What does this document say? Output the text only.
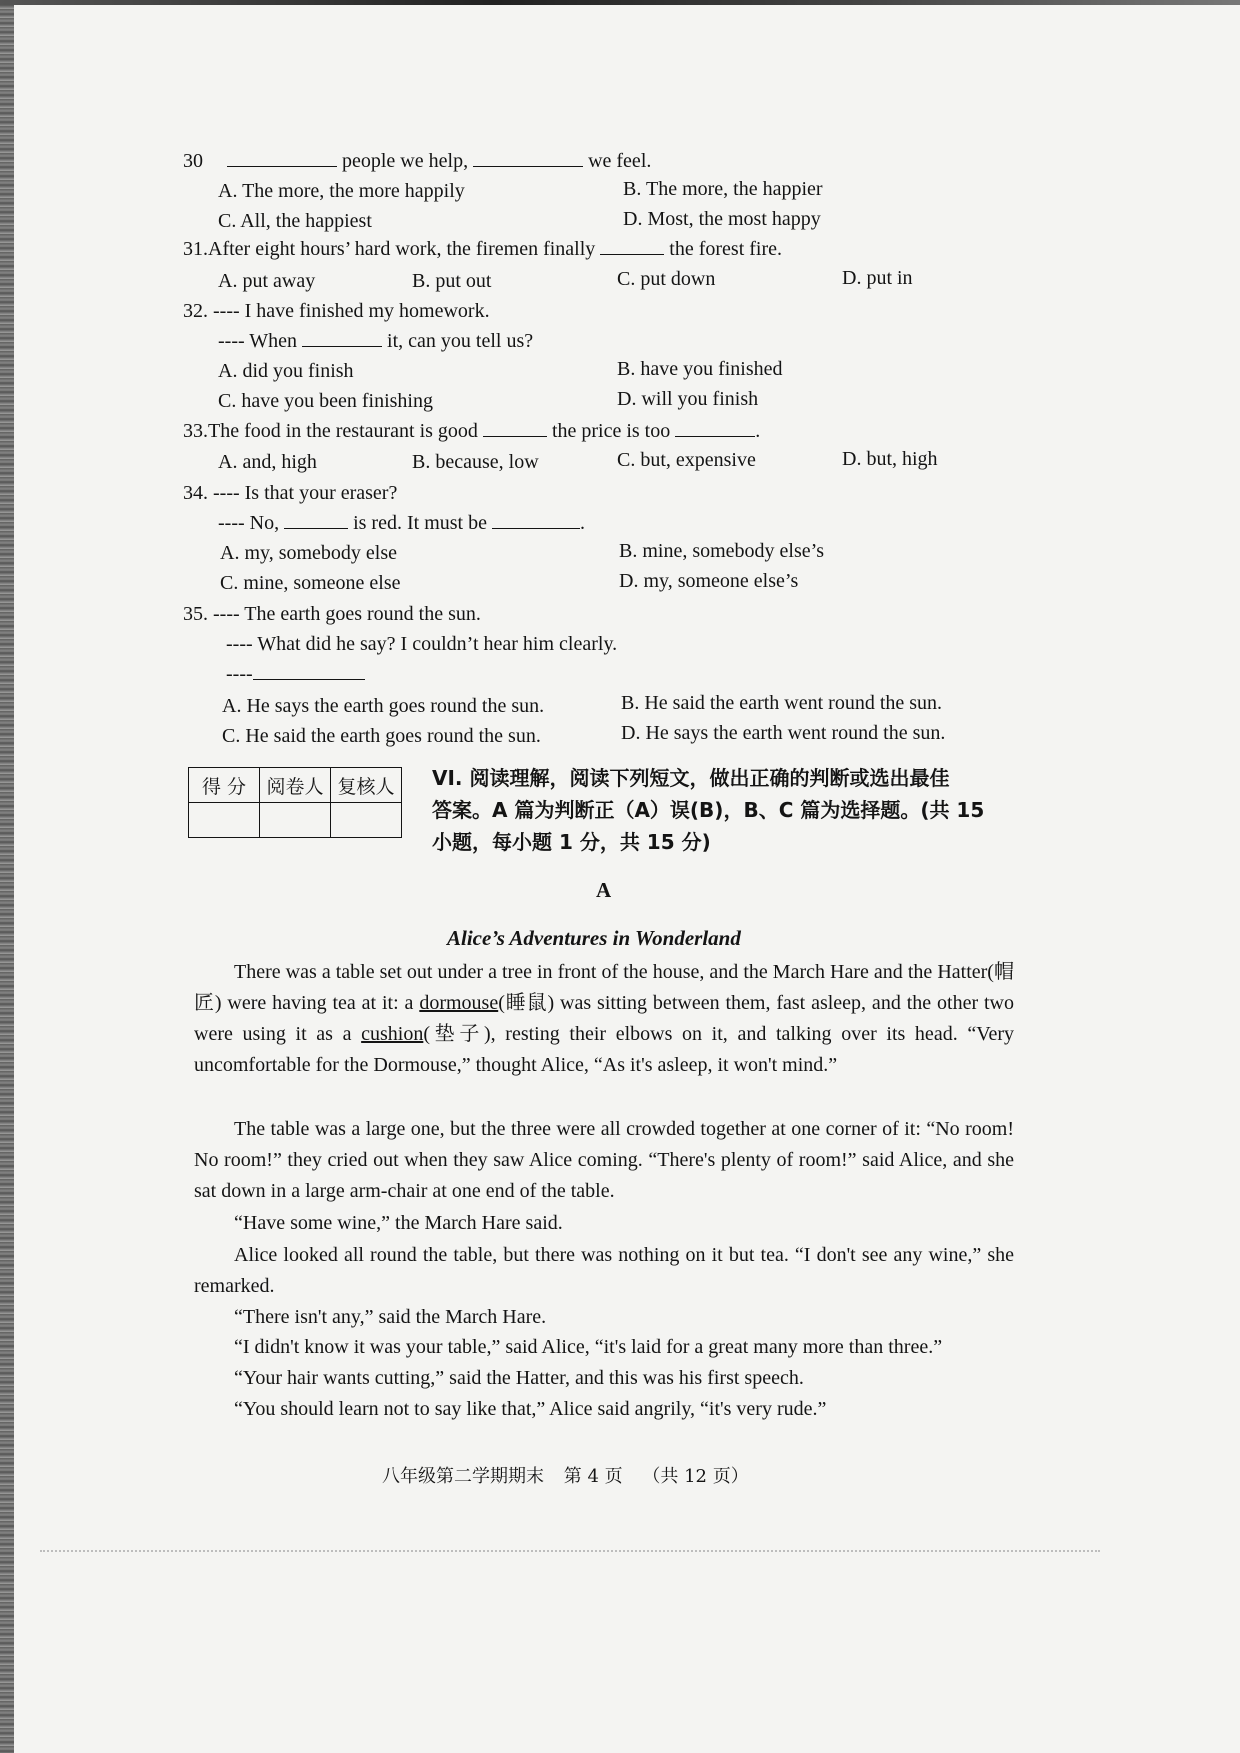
30	people we help,	we feel.
A. The more, the more happily	B. The more, the happier
C. All, the happiest	D. Most, the most happy
31.After eight hours’ hard work, the firemen finally	the forest fire.
A. put away	B. put out	C. put down	D. put in
32. ---- I have finished my homework.
---- When	it, can you tell us?
A. did you finish	B. have you finished
C. have you been finishing	D. will you finish
33.The food in the restaurant is good	the price is too	.
A. and, high	B. because, low	C. but, expensive	D. but, high
34. ---- Is that your eraser?
---- No,	is red. It must be	.
A. my, somebody else	B. mine, somebody else’s
C. mine, someone else	D. my, someone else’s
35. ---- The earth goes round the sun.
---- What did he say? I couldn’t hear him clearly.
----
A. He says the earth goes round the sun.	B. He said the earth went round the sun.
C. He said the earth goes round the sun.	D. He says the earth went round the sun.
得 分	阅卷人	复核人
		VI. 阅读理解，阅读下列短文，做出正确的判断或选出最佳
答案。A 篇为判断正（A）误(B)，B、C 篇为选择题。(共 15
小题，每小题 1 分，共 15 分)
A
Alice’s Adventures in Wonderland

There was a table set out under a tree in front of the house, and the March Hare and the Hatter(帽匠) were having tea at it: a dormouse(睡鼠) was sitting between them, fast asleep, and the other two were using it as a cushion(垫子), resting their elbows on it, and talking over its head. “Very uncomfortable for the Dormouse,” thought Alice, “As it's asleep, it won't mind.”

The table was a large one, but the three were all crowded together at one corner of it: “No room! No room!” they cried out when they saw Alice coming. “There's plenty of room!” said Alice, and she sat down in a large arm-chair at one end of the table.

“Have some wine,” the March Hare said.

Alice looked all round the table, but there was nothing on it but tea. “I don't see any wine,” she remarked.

“There isn't any,” said the March Hare.

“I didn't know it was your table,” said Alice, “it's laid for a great many more than three.”

“Your hair wants cutting,” said the Hatter, and this was his first speech.

“You should learn not to say like that,” Alice said angrily, “it's very rude.”

八年级第二学期期末 第 4 页 （共 12 页）
